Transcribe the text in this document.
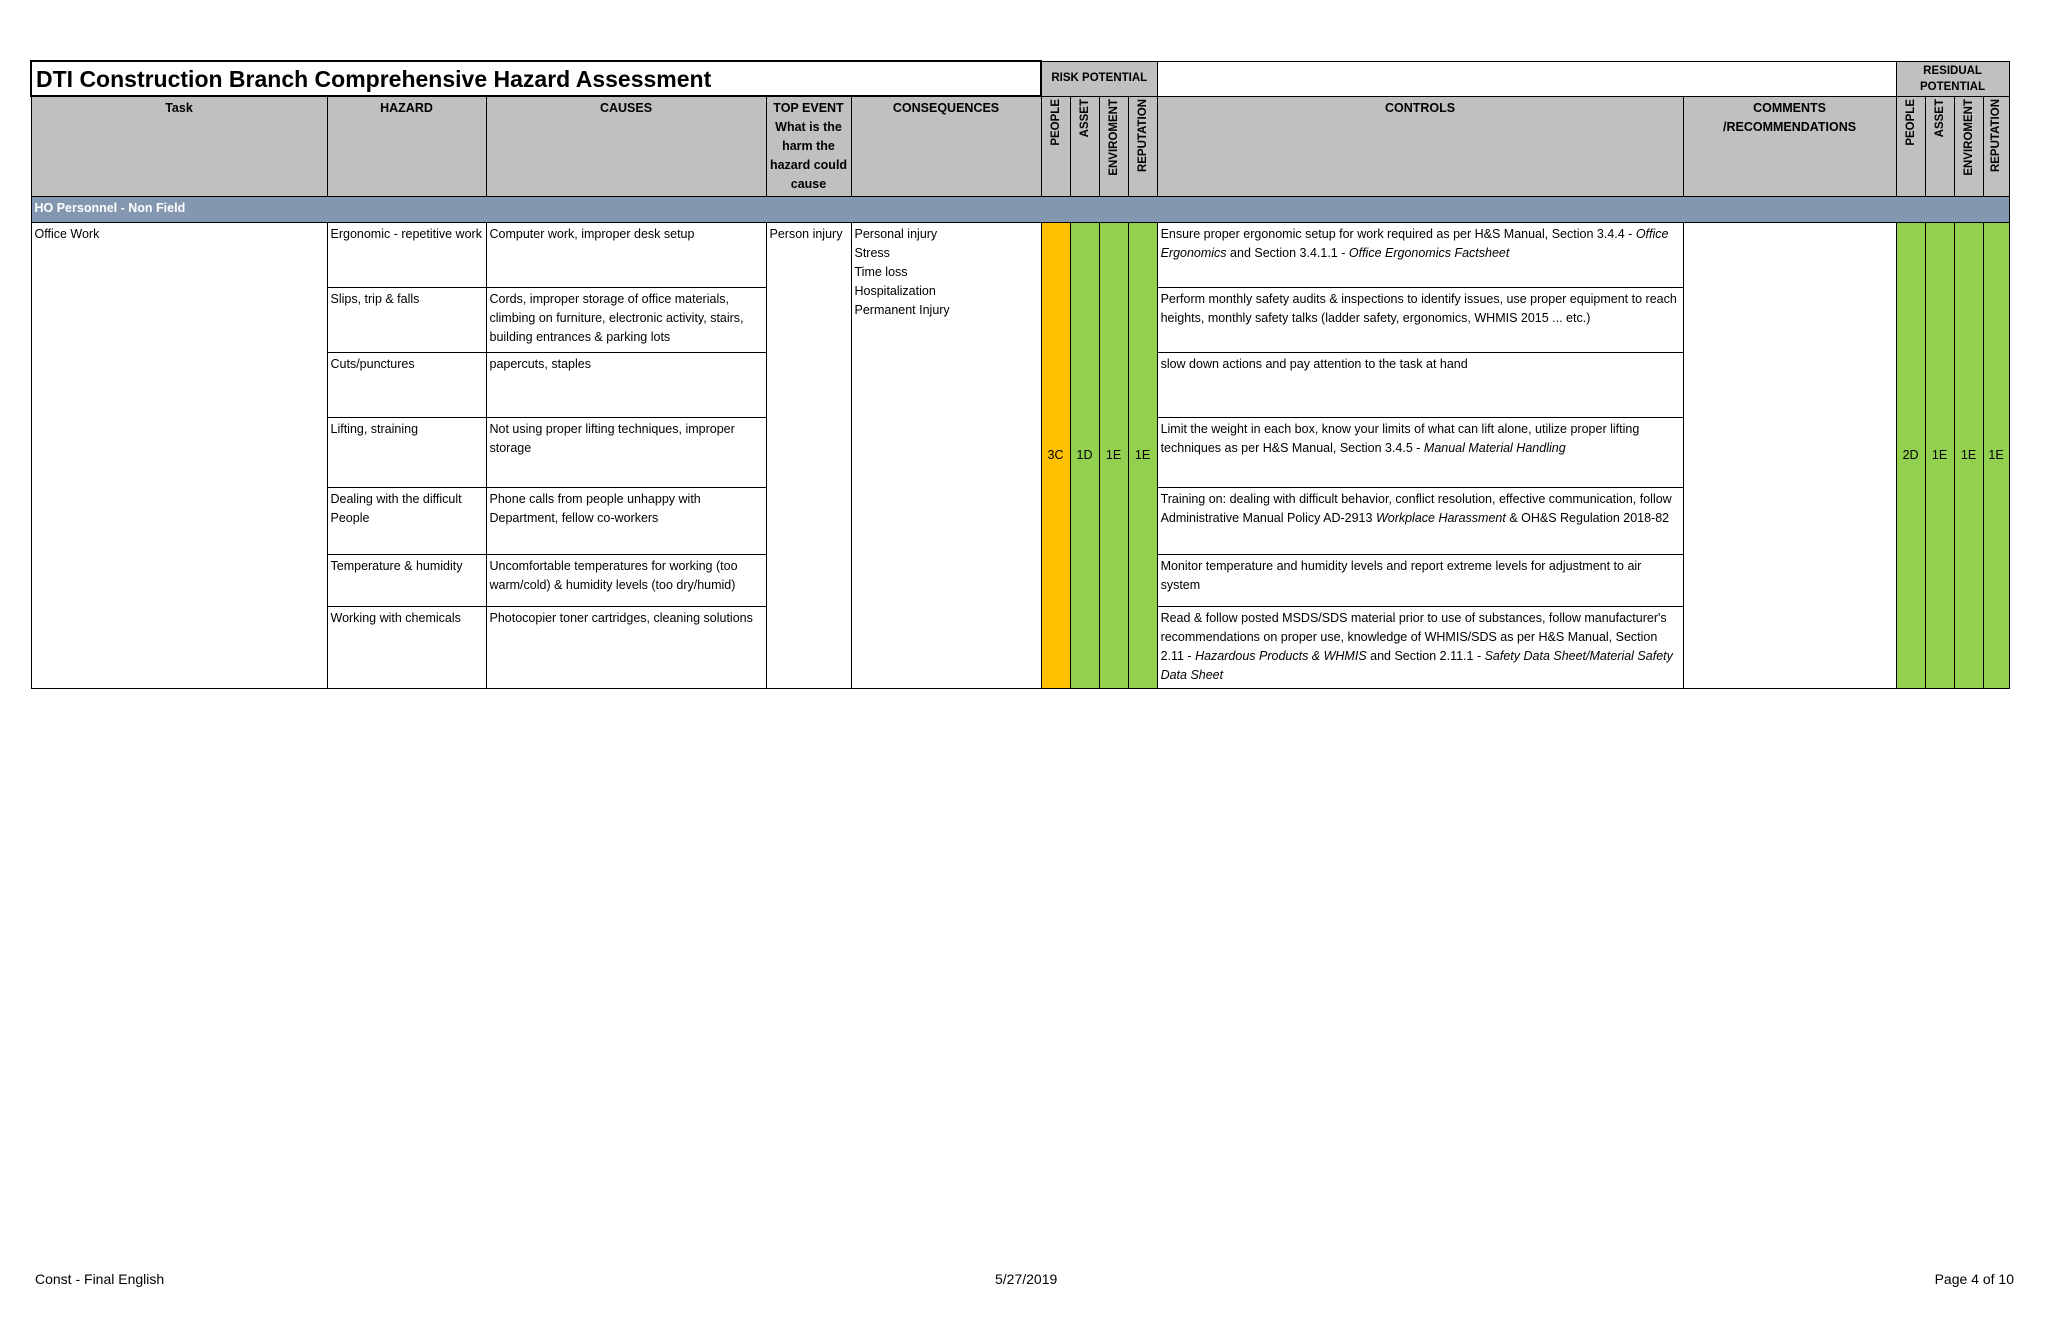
DTI Construction Branch Comprehensive Hazard Assessment					RISK POTENTIAL						RESIDUAL POTENTIAL			
Task	HAZARD	CAUSES	TOP EVENT What is the harm the hazard could cause	CONSEQUENCES	PEOPLE	ASSET	ENVIROMENT	REPUTATION	CONTROLS	COMMENTS /RECOMMENDATIONS	PEOPLE	ASSET	ENVIROMENT	REPUTATION

HO Personnel - Non Field														
Office Work	Ergonomic - repetitive work	Computer work, improper desk setup	Person injury	Personal injury
Stress
Time loss
Hospitalization
Permanent Injury	3C	1D	1E	1E	Ensure proper ergonomic setup for work required as per H&S Manual, Section 3.4.4 - Office Ergonomics and Section 3.4.1.1 - Office Ergonomics Factsheet		2D	1E	1E	1E
	Slips, trip & falls	Cords, improper storage of office materials, climbing on furniture, electronic activity, stairs, building entrances & parking lots							Perform monthly safety audits & inspections to identify issues, use proper equipment to reach heights, monthly safety talks (ladder safety, ergonomics, WHMIS 2015 ... etc.)					
	Cuts/punctures	papercuts, staples							slow down actions and pay attention to the task at hand					
	Lifting, straining	Not using proper lifting techniques, improper storage							Limit the weight in each box, know your limits of what can lift alone, utilize proper lifting techniques as per H&S Manual, Section 3.4.5 - Manual Material Handling					
	Dealing with the difficult People	Phone calls from people unhappy with Department, fellow co-workers							Training on: dealing with difficult behavior, conflict resolution, effective communication, follow Administrative Manual Policy AD-2913 Workplace Harassment & OH&S Regulation 2018-82					
	Temperature & humidity	Uncomfortable temperatures for working (too warm/cold) & humidity levels (too dry/humid)							Monitor temperature and humidity levels and report extreme levels for adjustment to air system					
	Working with chemicals	Photocopier toner cartridges, cleaning solutions							Read & follow posted MSDS/SDS material prior to use of substances, follow manufacturer's recommendations on proper use, knowledge of WHMIS/SDS as per H&S Manual, Section 2.11 - Hazardous Products & WHMIS and Section 2.11.1 - Safety Data Sheet/Material Safety Data Sheet					
Const - Final English	5/27/2019	Page 4 of 10
